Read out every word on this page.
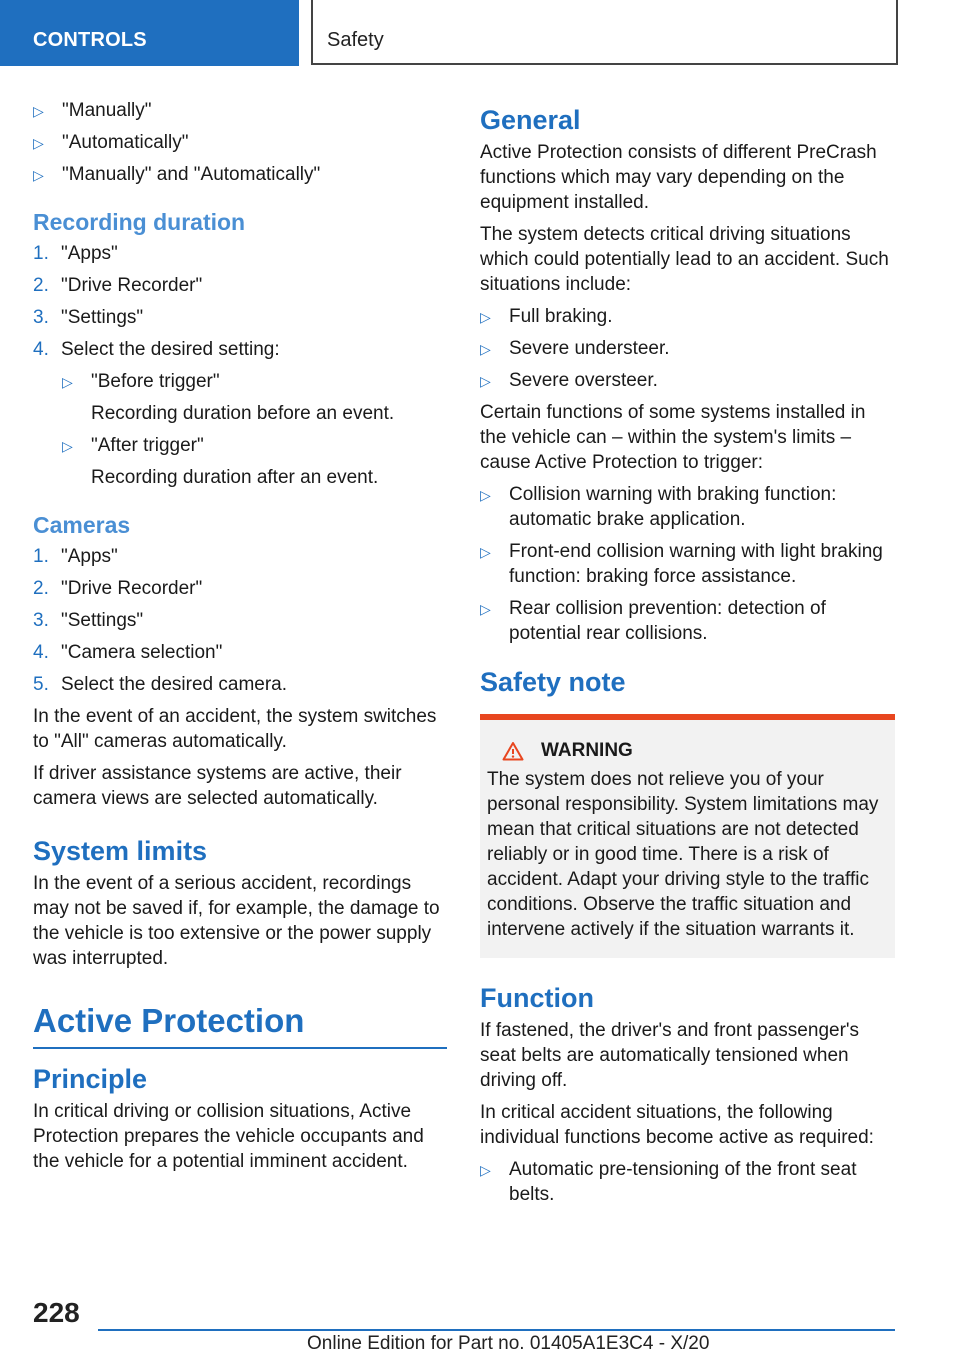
CONTROLS	Safety
▷ "Manually"
▷ "Automatically"
▷ "Manually" and "Automatically"
Recording duration
1. "Apps"
2. "Drive Recorder"
3. "Settings"
4. Select the desired setting:
▷ "Before trigger"
Recording duration before an event.
▷ "After trigger"
Recording duration after an event.
Cameras
1. "Apps"
2. "Drive Recorder"
3. "Settings"
4. "Camera selection"
5. Select the desired camera.

In the event of an accident, the system switches to "All" cameras automatically.

If driver assistance systems are active, their camera views are selected automatically.

System limits

In the event of a serious accident, recordings may not be saved if, for example, the damage to the vehicle is too extensive or the power supply was interrupted.

Active Protection
Principle

In critical driving or collision situations, Active Protection prepares the vehicle occupants and the vehicle for a potential imminent accident.

General

Active Protection consists of different PreCrash functions which may vary depending on the equipment installed.

The system detects critical driving situations which could potentially lead to an accident. Such situations include:

▷ Full braking.
▷ Severe understeer.
▷ Severe oversteer.

Certain functions of some systems installed in the vehicle can – within the system's limits – cause Active Protection to trigger:

▷ Collision warning with braking function: automatic brake application.
▷ Front-end collision warning with light braking function: braking force assistance.
▷ Rear collision prevention: detection of potential rear collisions.
Safety note
WARNING

The system does not relieve you of your personal responsibility. System limitations may mean that critical situations are not detected reliably or in good time. There is a risk of accident. Adapt your driving style to the traffic conditions. Observe the traffic situation and intervene actively if the situation warrants it.

Function

If fastened, the driver's and front passenger's seat belts are automatically tensioned when driving off.

In critical accident situations, the following individual functions become active as required:

▷ Automatic pre-tensioning of the front seat belts.
228
Online Edition for Part no. 01405A1E3C4 - X/20
